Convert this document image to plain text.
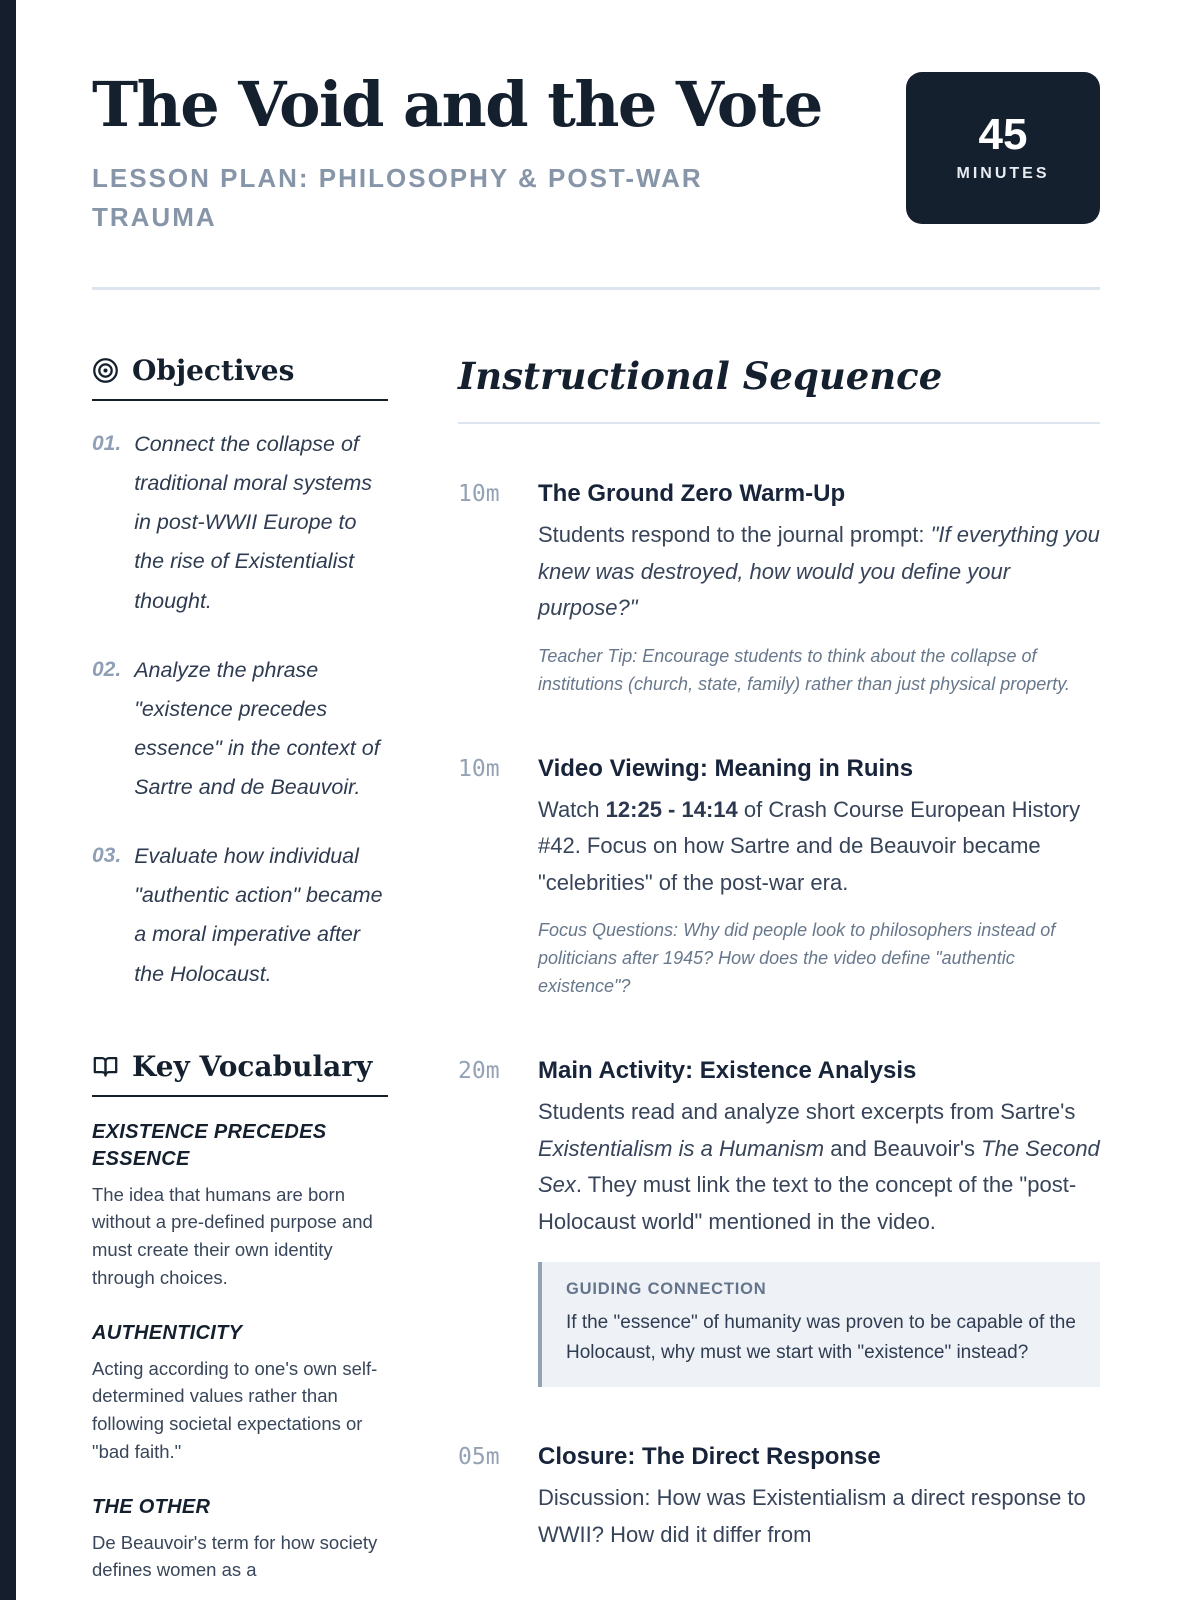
The Void and the Vote
LESSON PLAN: PHILOSOPHY & POST-WAR TRAUMA
45
MINUTES
Objectives
01. Connect the collapse of traditional moral systems in post-WWII Europe to the rise of Existentialist thought.
02. Analyze the phrase "existence precedes essence" in the context of Sartre and de Beauvoir.
03. Evaluate how individual "authentic action" became a moral imperative after the Holocaust.
Key Vocabulary
EXISTENCE PRECEDES ESSENCE
The idea that humans are born without a pre-defined purpose and must create their own identity through choices.
AUTHENTICITY
Acting according to one's own self-determined values rather than following societal expectations or "bad faith."
THE OTHER
De Beauvoir's term for how society defines women as a
Instructional Sequence
10m	The Ground Zero Warm-Up
Students respond to the journal prompt: "If everything you knew was destroyed, how would you define your purpose?"
Teacher Tip: Encourage students to think about the collapse of institutions (church, state, family) rather than just physical property.
10m	Video Viewing: Meaning in Ruins
Watch 12:25 - 14:14 of Crash Course European History #42. Focus on how Sartre and de Beauvoir became "celebrities" of the post-war era.
Focus Questions: Why did people look to philosophers instead of politicians after 1945? How does the video define "authentic existence"?
20m	Main Activity: Existence Analysis
Students read and analyze short excerpts from Sartre's Existentialism is a Humanism and Beauvoir's The Second Sex. They must link the text to the concept of the "post-Holocaust world" mentioned in the video.
GUIDING CONNECTION
If the "essence" of humanity was proven to be capable of the Holocaust, why must we start with "existence" instead?
05m	Closure: The Direct Response
Discussion: How was Existentialism a direct response to WWII? How did it differ from
